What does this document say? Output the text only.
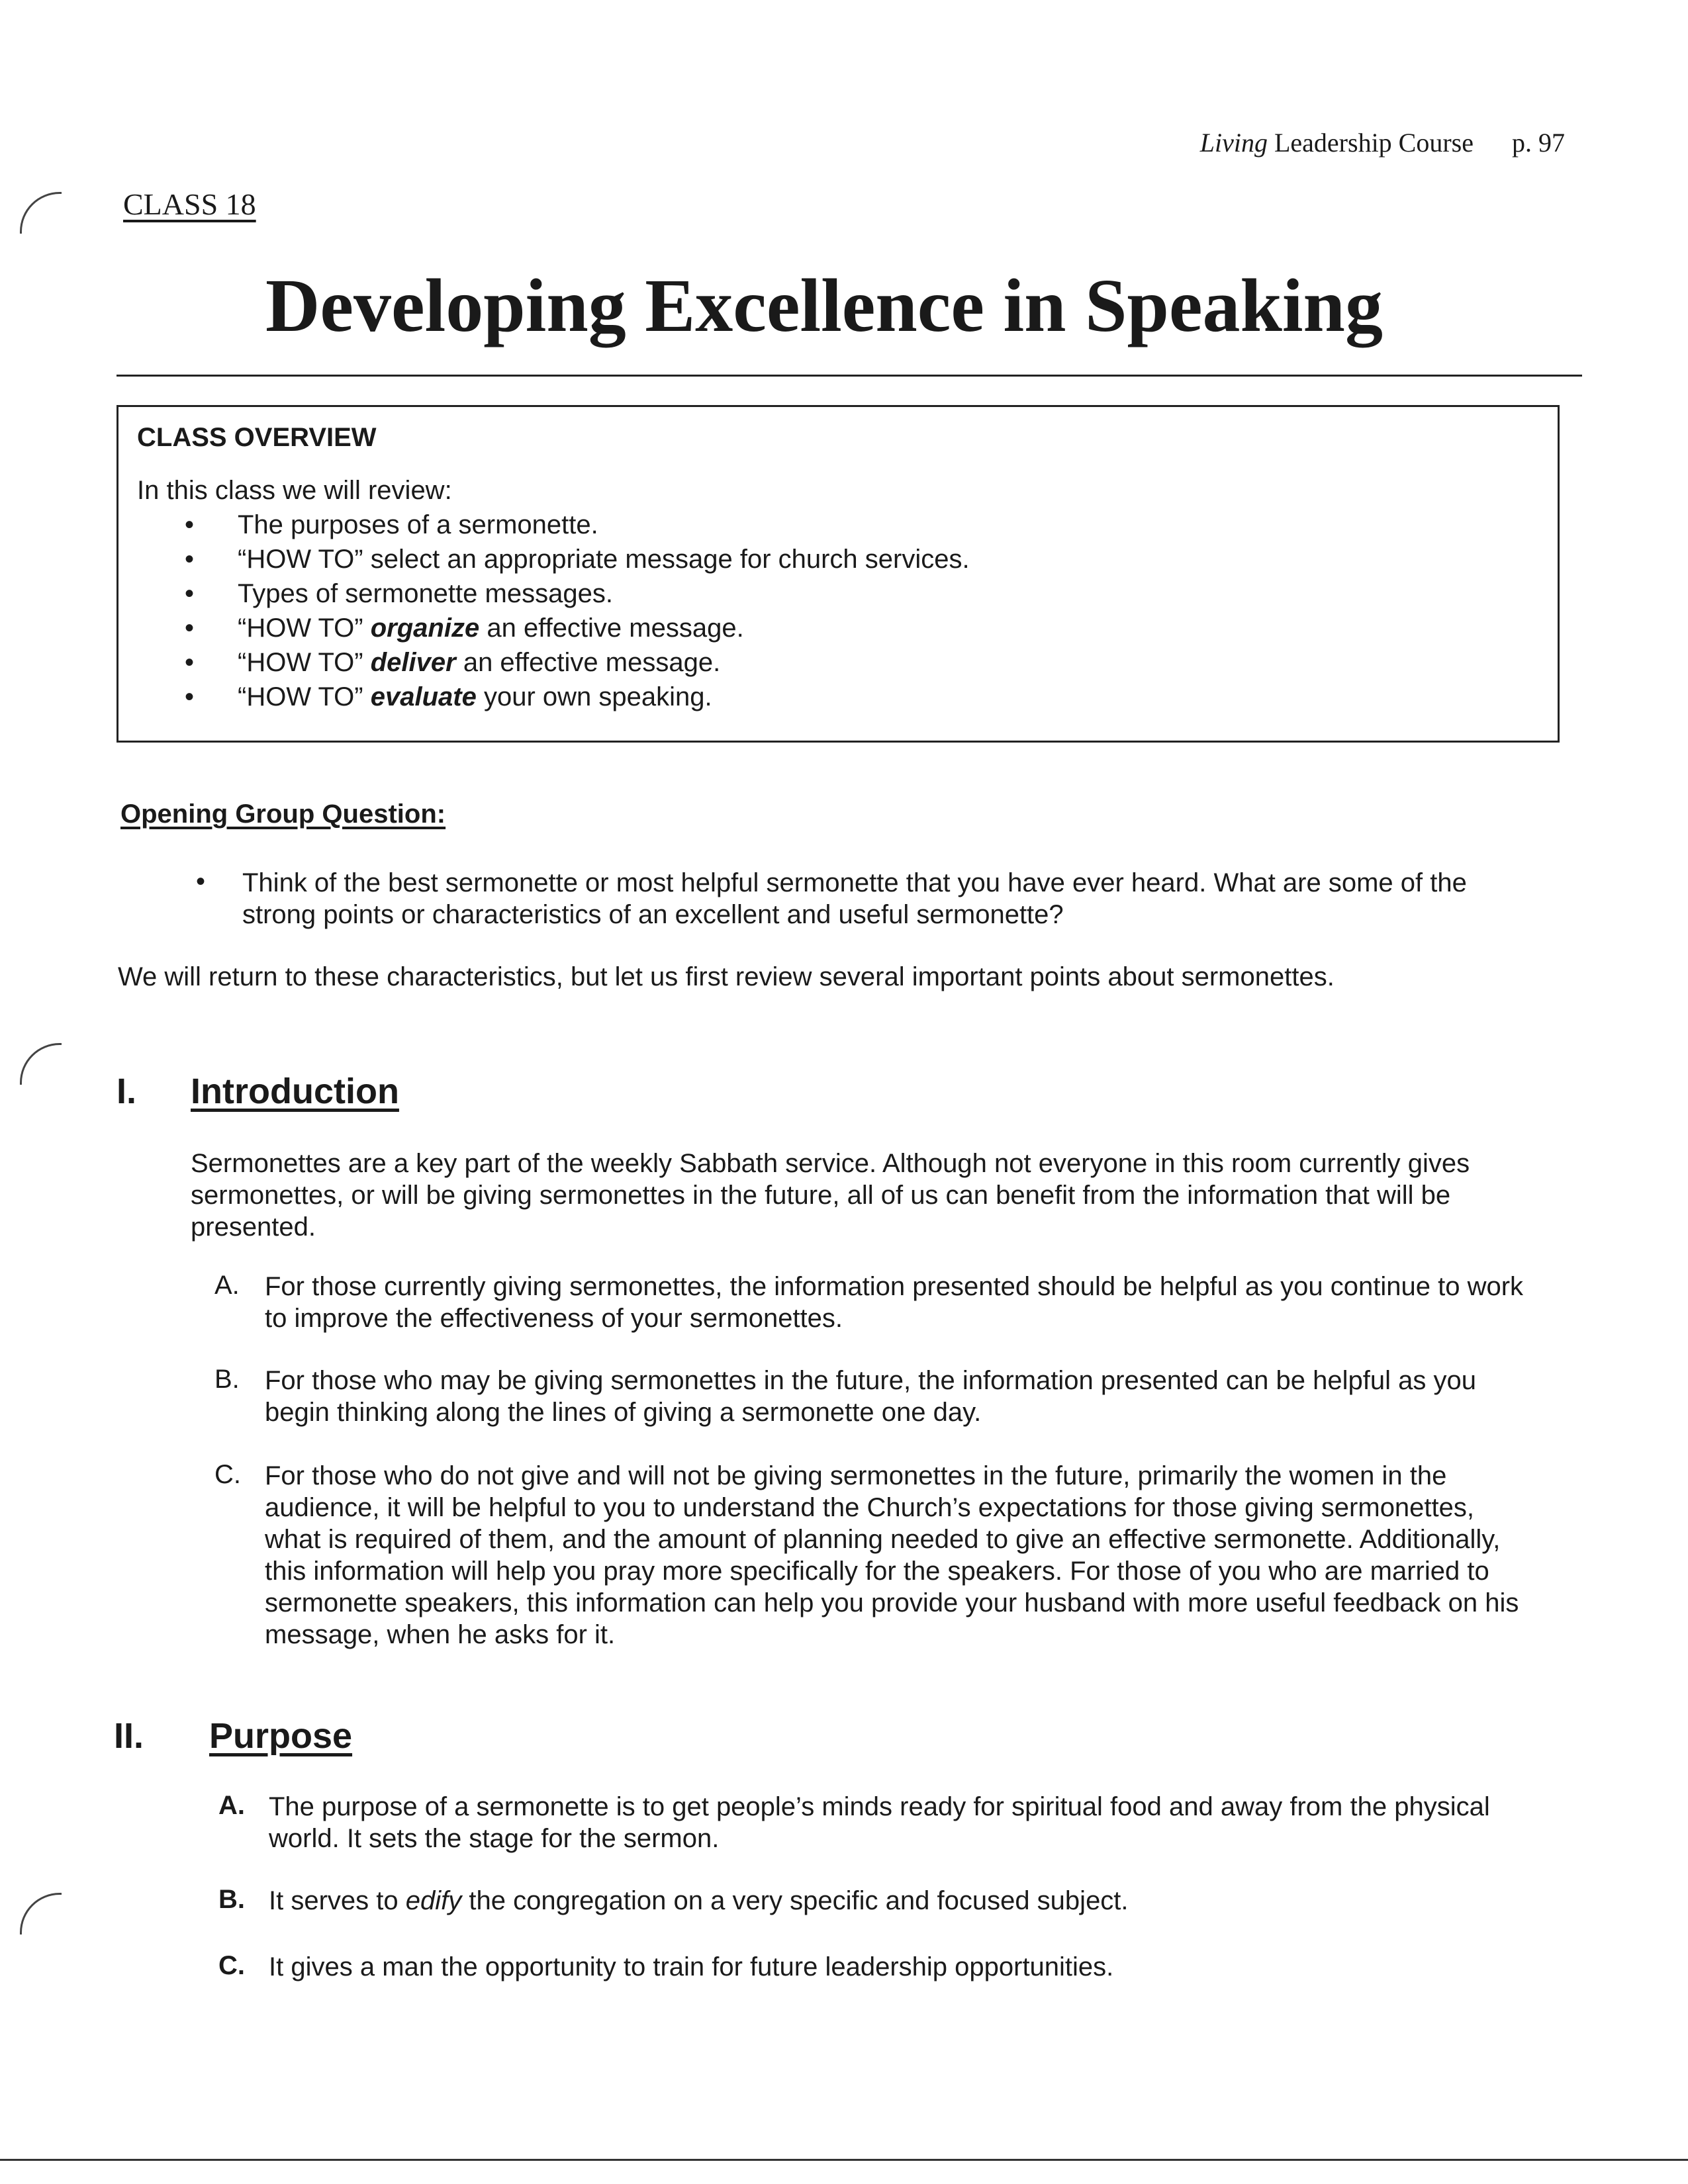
Living Leadership Course p. 97
CLASS 18
Developing Excellence in Speaking
CLASS OVERVIEW
In this class we will review:
• The purposes of a sermonette.
• “HOW TO” select an appropriate message for church services.
• Types of sermonette messages.
• “HOW TO” organize an effective message.
• “HOW TO” deliver an effective message.
• “HOW TO” evaluate your own speaking.
Opening Group Question:
• Think of the best sermonette or most helpful sermonette that you have ever heard. What are some of the strong points or characteristics of an excellent and useful sermonette?
We will return to these characteristics, but let us first review several important points about sermonettes.
I. Introduction
Sermonettes are a key part of the weekly Sabbath service. Although not everyone in this room currently gives sermonettes, or will be giving sermonettes in the future, all of us can benefit from the information that will be presented.
A. For those currently giving sermonettes, the information presented should be helpful as you continue to work to improve the effectiveness of your sermonettes.
B. For those who may be giving sermonettes in the future, the information presented can be helpful as you begin thinking along the lines of giving a sermonette one day.
C. For those who do not give and will not be giving sermonettes in the future, primarily the women in the audience, it will be helpful to you to understand the Church’s expectations for those giving sermonettes, what is required of them, and the amount of planning needed to give an effective sermonette. Additionally, this information will help you pray more specifically for the speakers. For those of you who are married to sermonette speakers, this information can help you provide your husband with more useful feedback on his message, when he asks for it.
II. Purpose
A. The purpose of a sermonette is to get people’s minds ready for spiritual food and away from the physical world. It sets the stage for the sermon.
B. It serves to edify the congregation on a very specific and focused subject.
C. It gives a man the opportunity to train for future leadership opportunities.
